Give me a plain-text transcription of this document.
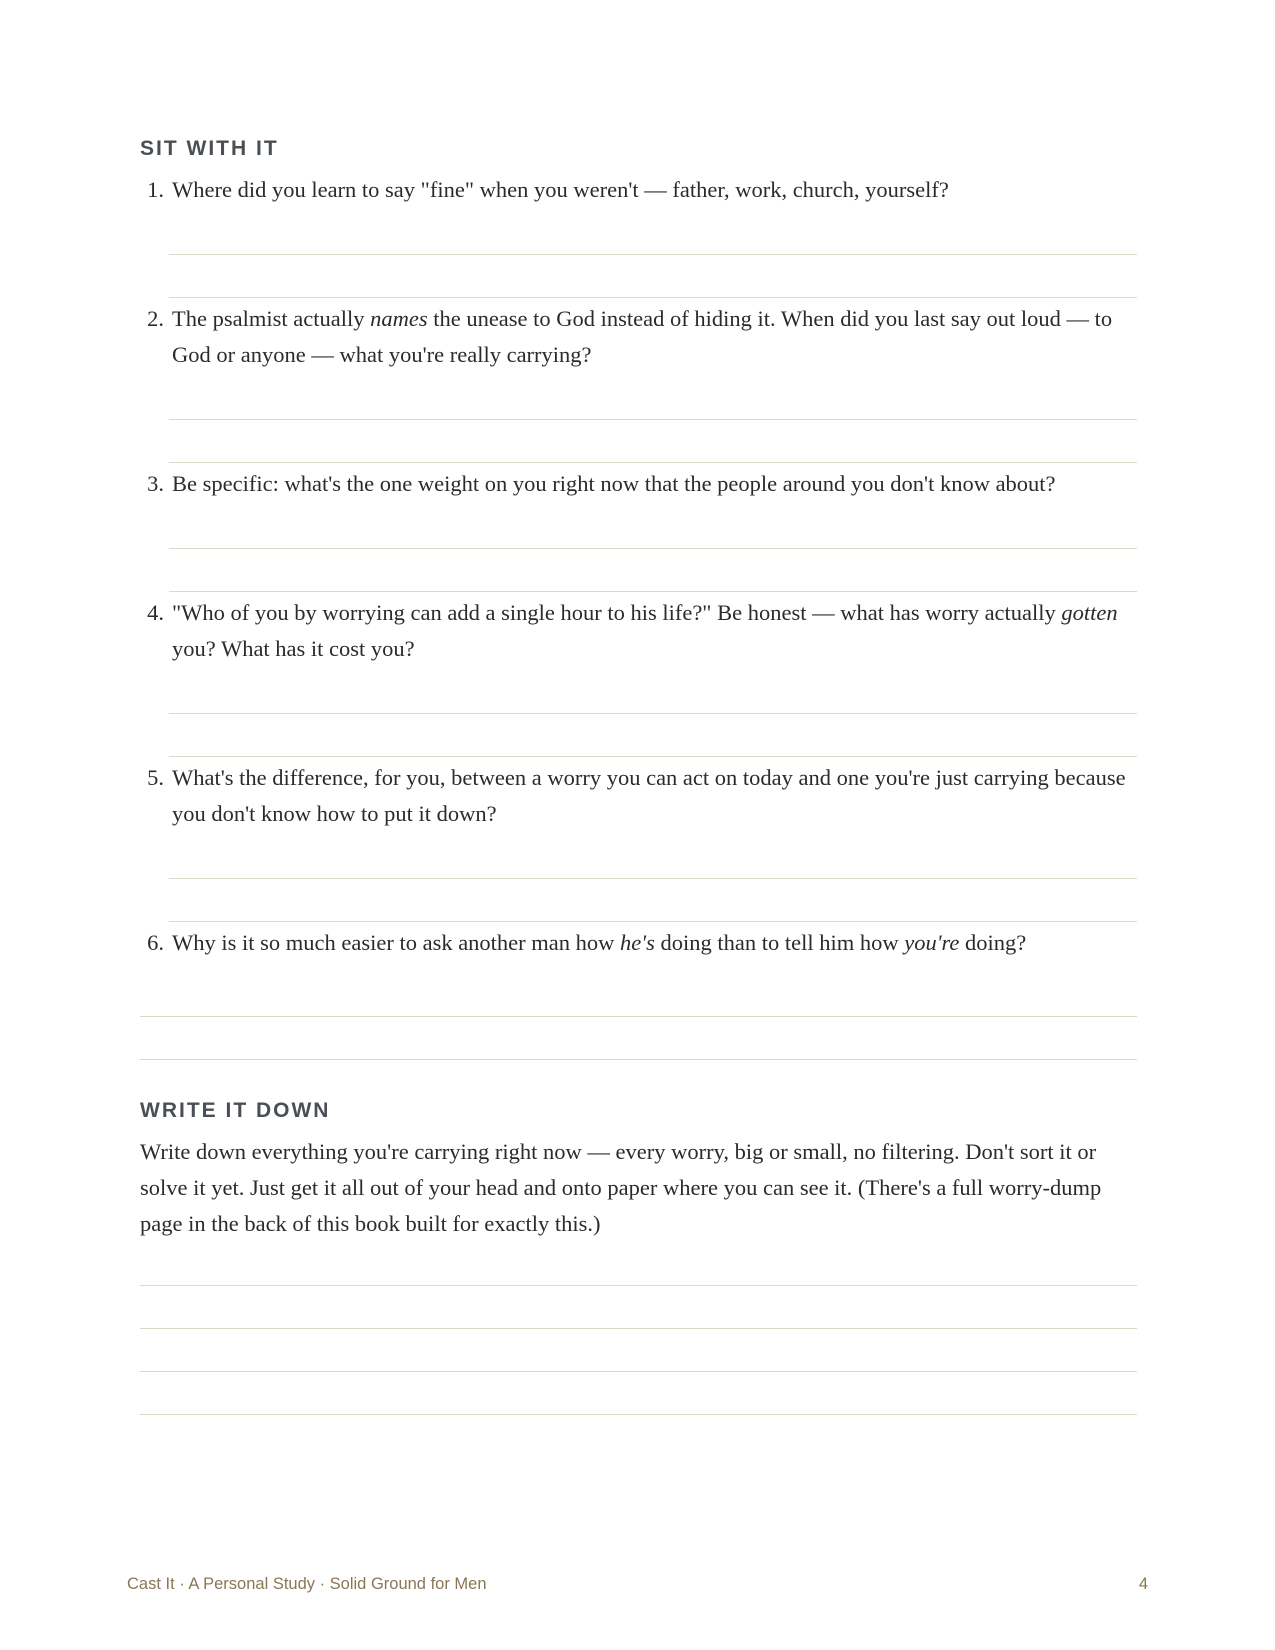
SIT WITH IT
1. Where did you learn to say "fine" when you weren't — father, work, church, yourself?
2. The psalmist actually names the unease to God instead of hiding it. When did you last say out loud — to God or anyone — what you're really carrying?
3. Be specific: what's the one weight on you right now that the people around you don't know about?
4. "Who of you by worrying can add a single hour to his life?" Be honest — what has worry actually gotten you? What has it cost you?
5. What's the difference, for you, between a worry you can act on today and one you're just carrying because you don't know how to put it down?
6. Why is it so much easier to ask another man how he's doing than to tell him how you're doing?
WRITE IT DOWN

Write down everything you're carrying right now — every worry, big or small, no filtering. Don't sort it or solve it yet. Just get it all out of your head and onto paper where you can see it. (There's a full worry-dump page in the back of this book built for exactly this.)

Cast It · A Personal Study · Solid Ground for Men	4
